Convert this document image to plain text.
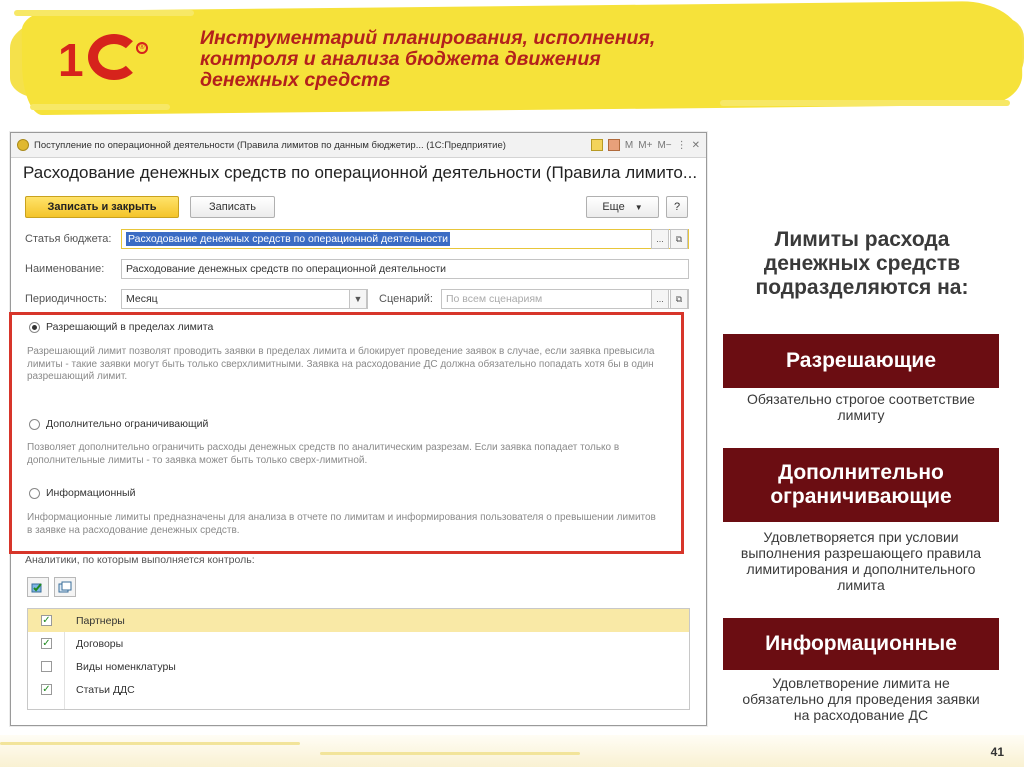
1	®	Инструментарий планирования, исполнения,
контроля и анализа бюджета движения
денежных средств
Поступление по операционной деятельности (Правила лимитов по данным бюджетир... (1С:Предприятие)	M M+ M− ⋮ ✕
Расходование денежных средств по операционной деятельности (Правила лимито...
Записать и закрыть	Записать	Еще ▼	?
Статья бюджета:	Расходование денежных средств по операционной деятельности	...	⧉
Наименование:	Расходование денежных средств по операционной деятельности
Периодичность:	Месяц	▼	Сценарий: По всем сценариям	...	⧉
Разрешающий в пределах лимита
Разрешающий лимит позволят проводить заявки в пределах лимита и блокирует проведение заявок в случае, если заявка превысила лимиты - такие заявки могут быть только сверхлимитными. Заявка на расходование ДС должна обязательно попадать хотя бы в один разрешающий лимит.
Дополнительно ограничивающий
Позволяет дополнительно ограничить расходы денежных средств по аналитическим разрезам. Если заявка попадает только в дополнительные лимиты - то заявка может быть только сверх-лимитной.
Информационный
Информационные лимиты предназначены для анализа в отчете по лимитам и информирования пользователя о превышении лимитов в заявке на расходование денежных средств.
Аналитики, по которым выполняется контроль:
✓ Партнеры
✓ Договоры
Виды номенклатуры
✓ Статьи ДДС
Лимиты расхода денежных средств подразделяются на:
Разрешающие
Обязательно строгое соответствие лимиту
Дополнительно ограничивающие
Удовлетворяется при условии выполнения разрешающего правила лимитирования и дополнительного лимита
Информационные
Удовлетворение лимита не обязательно для проведения заявки на расходование ДС
41
